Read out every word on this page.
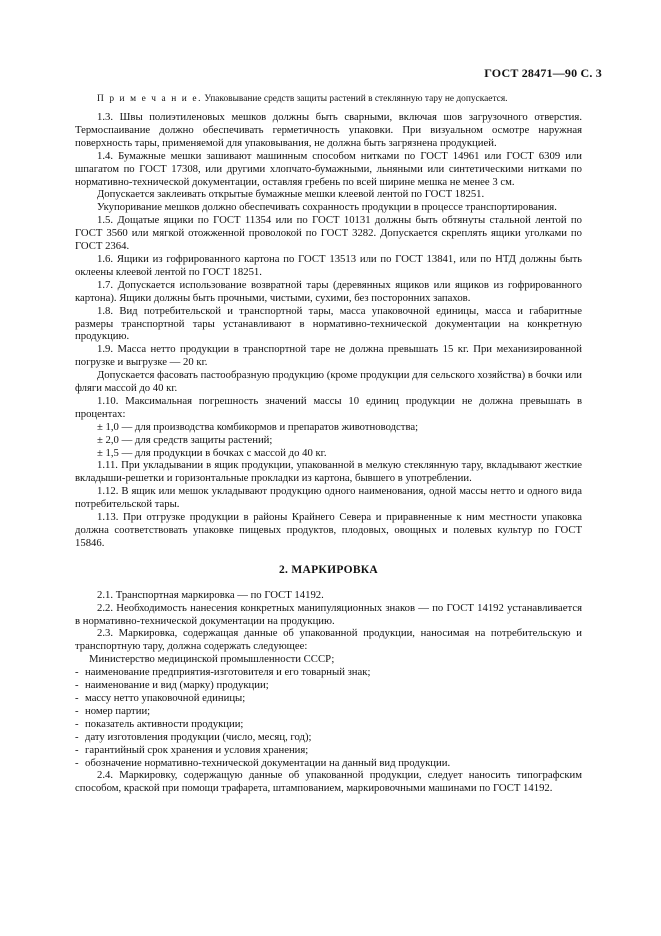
ГОСТ 28471—90 С. 3

П р и м е ч а н и е. Упаковывание средств защиты растений в стеклянную тару не допускается.

1.3. Швы полиэтиленовых мешков должны быть сварными, включая шов загрузочного отверстия. Термоспаивание должно обеспечивать герметичность упаковки. При визуальном осмотре наружная поверхность тары, применяемой для упаковывания, не должна быть загрязнена продукцией.

1.4. Бумажные мешки зашивают машинным способом нитками по ГОСТ 14961 или ГОСТ 6309 или шпагатом по ГОСТ 17308, или другими хлопчато-бумажными, льняными или синтетическими нитками по нормативно-технической документации, оставляя гребень по всей ширине мешка не менее 3 см.

Допускается заклеивать открытые бумажные мешки клеевой лентой по ГОСТ 18251.

Укупоривание мешков должно обеспечивать сохранность продукции в процессе транспортирования.

1.5. Дощатые ящики по ГОСТ 11354 или по ГОСТ 10131 должны быть обтянуты стальной лентой по ГОСТ 3560 или мягкой отожженной проволокой по ГОСТ 3282. Допускается скреплять ящики уголками по ГОСТ 2364.

1.6. Ящики из гофрированного картона по ГОСТ 13513 или по ГОСТ 13841, или по НТД должны быть оклеены клеевой лентой по ГОСТ 18251.

1.7. Допускается использование возвратной тары (деревянных ящиков или ящиков из гофрированного картона). Ящики должны быть прочными, чистыми, сухими, без посторонних запахов.

1.8. Вид потребительской и транспортной тары, масса упаковочной единицы, масса и габаритные размеры транспортной тары устанавливают в нормативно-технической документации на конкретную продукцию.

1.9. Масса нетто продукции в транспортной таре не должна превышать 15 кг. При механизированной погрузке и выгрузке — 20 кг.

Допускается фасовать пастообразную продукцию (кроме продукции для сельского хозяйства) в бочки или фляги массой до 40 кг.

1.10. Максимальная погрешность значений массы 10 единиц продукции не должна превышать в процентах:

± 1,0 — для производства комбикормов и препаратов животноводства;

± 2,0 — для средств защиты растений;

± 1,5 — для продукции в бочках с массой до 40 кг.

1.11. При укладывании в ящик продукции, упакованной в мелкую стеклянную тару, вкладывают жесткие вкладыши-решетки и горизонтальные прокладки из картона, бывшего в употреблении.

1.12. В ящик или мешок укладывают продукцию одного наименования, одной массы нетто и одного вида потребительской тары.

1.13. При отгрузке продукции в районы Крайнего Севера и приравненные к ним местности упаковка должна соответствовать упаковке пищевых продуктов, плодовых, овощных и полевых культур по ГОСТ 15846.

2. МАРКИРОВКА

2.1. Транспортная маркировка — по ГОСТ 14192.

2.2. Необходимость нанесения конкретных манипуляционных знаков — по ГОСТ 14192 устанавливается в нормативно-технической документации на продукцию.

2.3. Маркировка, содержащая данные об упакованной продукции, наносимая на потребительскую и транспортную тару, должна содержать следующее:

Министерство медицинской промышленности СССР;
- наименование предприятия-изготовителя и его товарный знак;
- наименование и вид (марку) продукции;
- массу нетто упаковочной единицы;
- номер партии;
- показатель активности продукции;
- дату изготовления продукции (число, месяц, год);
- гарантийный срок хранения и условия хранения;
- обозначение нормативно-технической документации на данный вид продукции.

2.4. Маркировку, содержащую данные об упакованной продукции, следует наносить типографским способом, краской при помощи трафарета, штампованием, маркировочными машинами по ГОСТ 14192.
